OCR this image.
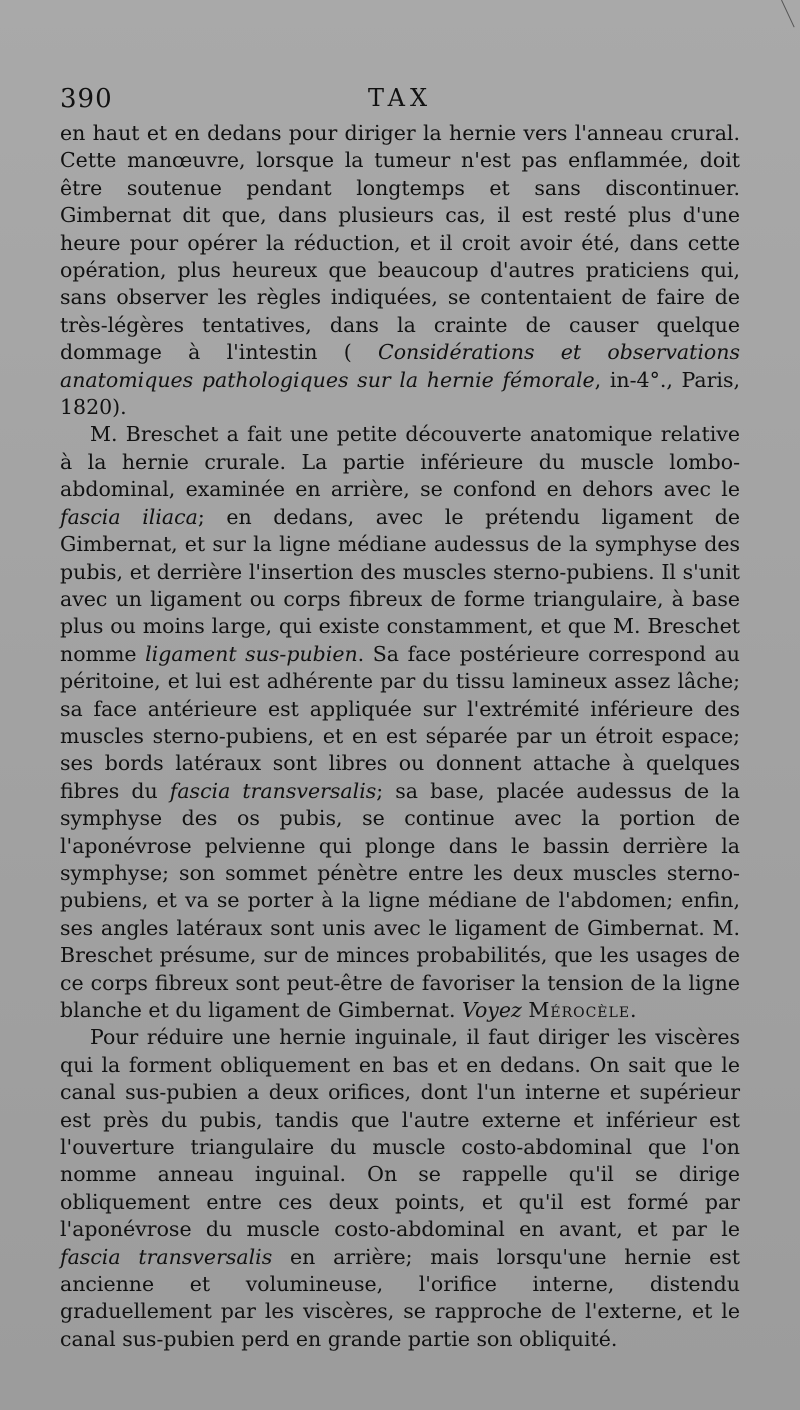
390	TAX

en haut et en dedans pour diriger la hernie vers l'anneau crural. Cette manœuvre, lorsque la tumeur n'est pas enflammée, doit être soutenue pendant longtemps et sans discontinuer. Gimbernat dit que, dans plusieurs cas, il est resté plus d'une heure pour opérer la réduction, et il croit avoir été, dans cette opération, plus heureux que beaucoup d'autres praticiens qui, sans observer les règles indiquées, se contentaient de faire de très-légères tentatives, dans la crainte de causer quelque dommage à l'intestin ( Considérations et observations anatomiques pathologiques sur la hernie fémorale, in-4°., Paris, 1820).

M. Breschet a fait une petite découverte anatomique relative à la hernie crurale. La partie inférieure du muscle lombo-abdominal, examinée en arrière, se confond en dehors avec le fascia iliaca; en dedans, avec le prétendu ligament de Gimbernat, et sur la ligne médiane audessus de la symphyse des pubis, et derrière l'insertion des muscles sterno-pubiens. Il s'unit avec un ligament ou corps fibreux de forme triangulaire, à base plus ou moins large, qui existe constamment, et que M. Breschet nomme ligament sus-pubien. Sa face postérieure correspond au péritoine, et lui est adhérente par du tissu lamineux assez lâche; sa face antérieure est appliquée sur l'extrémité inférieure des muscles sterno-pubiens, et en est séparée par un étroit espace; ses bords latéraux sont libres ou donnent attache à quelques fibres du fascia transversalis; sa base, placée audessus de la symphyse des os pubis, se continue avec la portion de l'aponévrose pelvienne qui plonge dans le bassin derrière la symphyse; son sommet pénètre entre les deux muscles sterno-pubiens, et va se porter à la ligne médiane de l'abdomen; enfin, ses angles latéraux sont unis avec le ligament de Gimbernat. M. Breschet présume, sur de minces probabilités, que les usages de ce corps fibreux sont peut-être de favoriser la tension de la ligne blanche et du ligament de Gimbernat. Voyez Mérocèle.

Pour réduire une hernie inguinale, il faut diriger les viscères qui la forment obliquement en bas et en dedans. On sait que le canal sus-pubien a deux orifices, dont l'un interne et supérieur est près du pubis, tandis que l'autre externe et inférieur est l'ouverture triangulaire du muscle costo-abdominal que l'on nomme anneau inguinal. On se rappelle qu'il se dirige obliquement entre ces deux points, et qu'il est formé par l'aponévrose du muscle costo-abdominal en avant, et par le fascia transversalis en arrière; mais lorsqu'une hernie est ancienne et volumineuse, l'orifice interne, distendu graduellement par les viscères, se rapproche de l'externe, et le canal sus-pubien perd en grande partie son obliquité.
